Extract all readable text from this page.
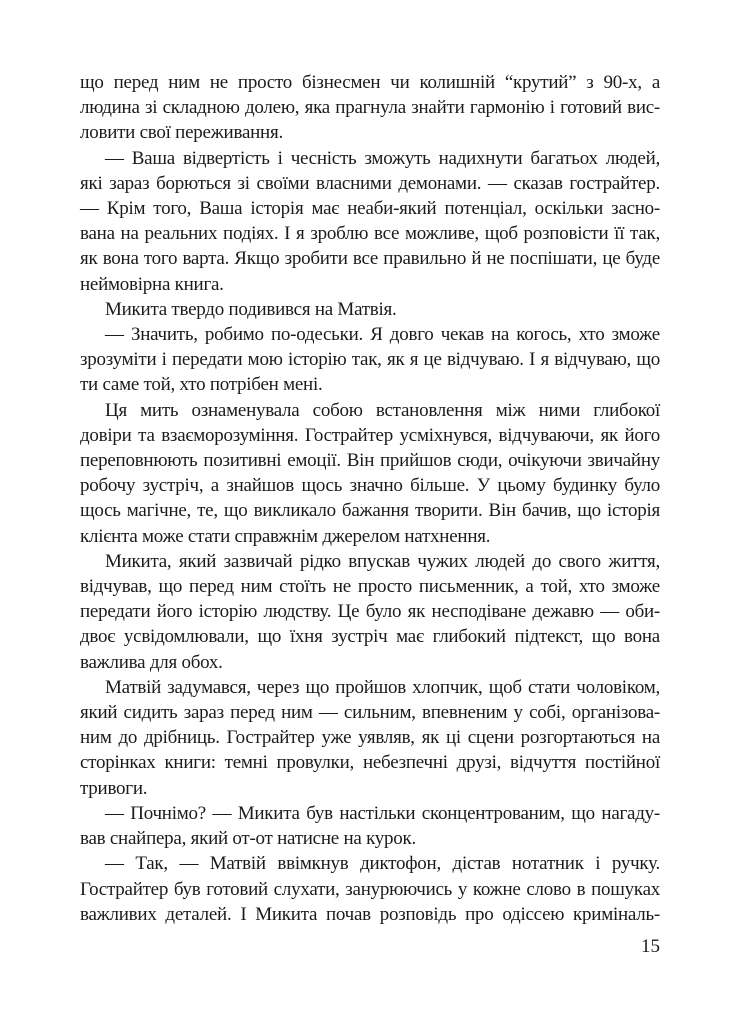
що перед ним не просто бізнесмен чи колишній “крутий” з 90-х, а
людина зі складною долею, яка прагнула знайти гармонію і готовий вис-
ловити свої переживання.
— Ваша відвертість і чесність зможуть надихнути багатьох людей,
які зараз борються зі своїми власними демонами. — сказав гострайтер.
— Крім того, Ваша історія має неаби-який потенціал, оскільки засно-
вана на реальних подіях. І я зроблю все можливе, щоб розповісти її так,
як вона того варта. Якщо зробити все правильно й не поспішати, це буде
неймовірна книга.
Микита твердо подивився на Матвія.
— Значить, робимо по-одеськи. Я довго чекав на когось, хто зможе
зрозуміти і передати мою історію так, як я це відчуваю. І я відчуваю, що
ти саме той, хто потрібен мені.
Ця мить ознаменувала собою встановлення між ними глибокої
довіри та взаєморозуміння. Гострайтер усміхнувся, відчуваючи, як його
переповнюють позитивні емоції. Він прийшов сюди, очікуючи звичайну
робочу зустріч, а знайшов щось значно більше. У цьому будинку було
щось магічне, те, що викликало бажання творити. Він бачив, що історія
клієнта може стати справжнім джерелом натхнення.
Микита, який зазвичай рідко впускав чужих людей до свого життя,
відчував, що перед ним стоїть не просто письменник, а той, хто зможе
передати його історію людству. Це було як несподіване дежавю — оби-
двоє усвідомлювали, що їхня зустріч має глибокий підтекст, що вона
важлива для обох.
Матвій задумався, через що пройшов хлопчик, щоб стати чоловіком,
який сидить зараз перед ним — сильним, впевненим у собі, організова-
ним до дрібниць. Гострайтер уже уявляв, як ці сцени розгортаються на
сторінках книги: темні провулки, небезпечні друзі, відчуття постійної
тривоги.
— Почнімо? — Микита був настільки сконцентрованим, що нагаду-
вав снайпера, який от-от натисне на курок.
— Так, — Матвій ввімкнув диктофон, дістав нотатник і ручку.
Гострайтер був готовий слухати, занурюючись у кожне слово в пошуках
важливих деталей. І Микита почав розповідь про одіссею криміналь-
15
